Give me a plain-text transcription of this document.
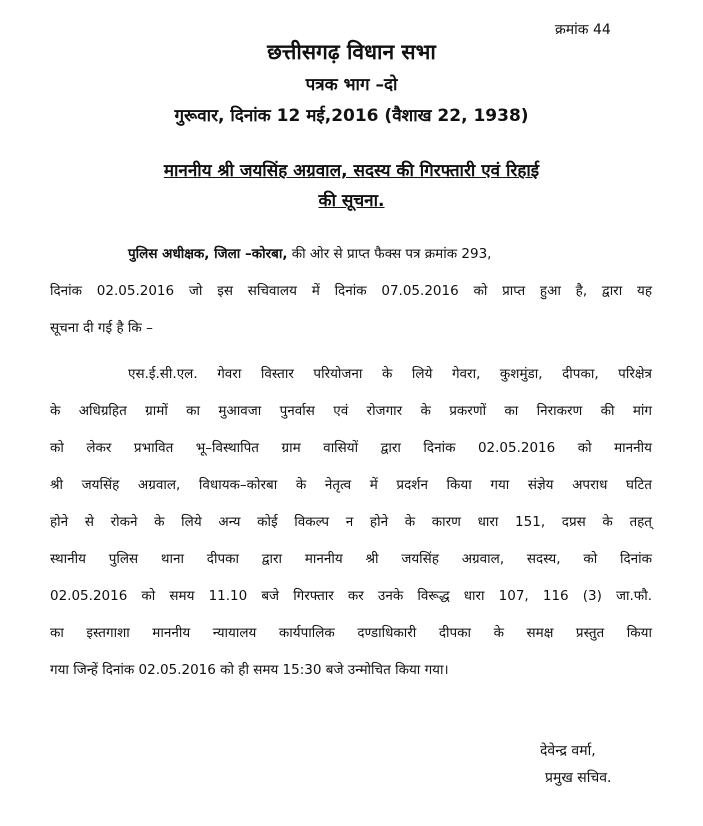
क्रमांक 44
छत्तीसगढ़ विधान सभा
पत्रक भाग –दो
गुरूवार, दिनांक 12 मई,2016 (वैशाख 22, 1938)
माननीय श्री जयसिंह अग्रवाल, सदस्य की गिरफ्तारी एवं रिहाई
की सूचना.
पुलिस अधीक्षक, जिला –कोरबा, की ओर से प्राप्त फैक्स पत्र क्रमांक 293,
दिनांक 02.05.2016 जो इस सचिवालय में दिनांक 07.05.2016 को प्राप्त हुआ है, द्वारा यह
सूचना दी गई है कि –
एस.ई.सी.एल. गेवरा विस्तार परियोजना के लिये गेवरा, कुशमुंडा, दीपका, परिक्षेत्र
के अधिग्रहित ग्रामों का मुआवजा पुनर्वास एवं रोजगार के प्रकरणों का निराकरण की मांग
को लेकर प्रभावित भू–विस्थापित ग्राम वासियों द्वारा दिनांक 02.05.2016 को माननीय
श्री जयसिंह अग्रवाल, विधायक–कोरबा के नेतृत्व में प्रदर्शन किया गया संज्ञेय अपराध घटित
होने से रोकने के लिये अन्य कोई विकल्प न होने के कारण धारा 151, दप्रस के तहत्
स्थानीय पुलिस थाना दीपका द्वारा माननीय श्री जयसिंह अग्रवाल, सदस्य, को दिनांक
02.05.2016 को समय 11.10 बजे गिरफ्तार कर उनके विरूद्ध धारा 107, 116 (3) जा.फौ.
का इस्तगाशा माननीय न्यायालय कार्यपालिक दण्डाधिकारी दीपका के समक्ष प्रस्तुत किया
गया जिन्हें दिनांक 02.05.2016 को ही समय 15:30 बजे उन्मोचित किया गया।
देवेन्द्र वर्मा,
प्रमुख सचिव.
